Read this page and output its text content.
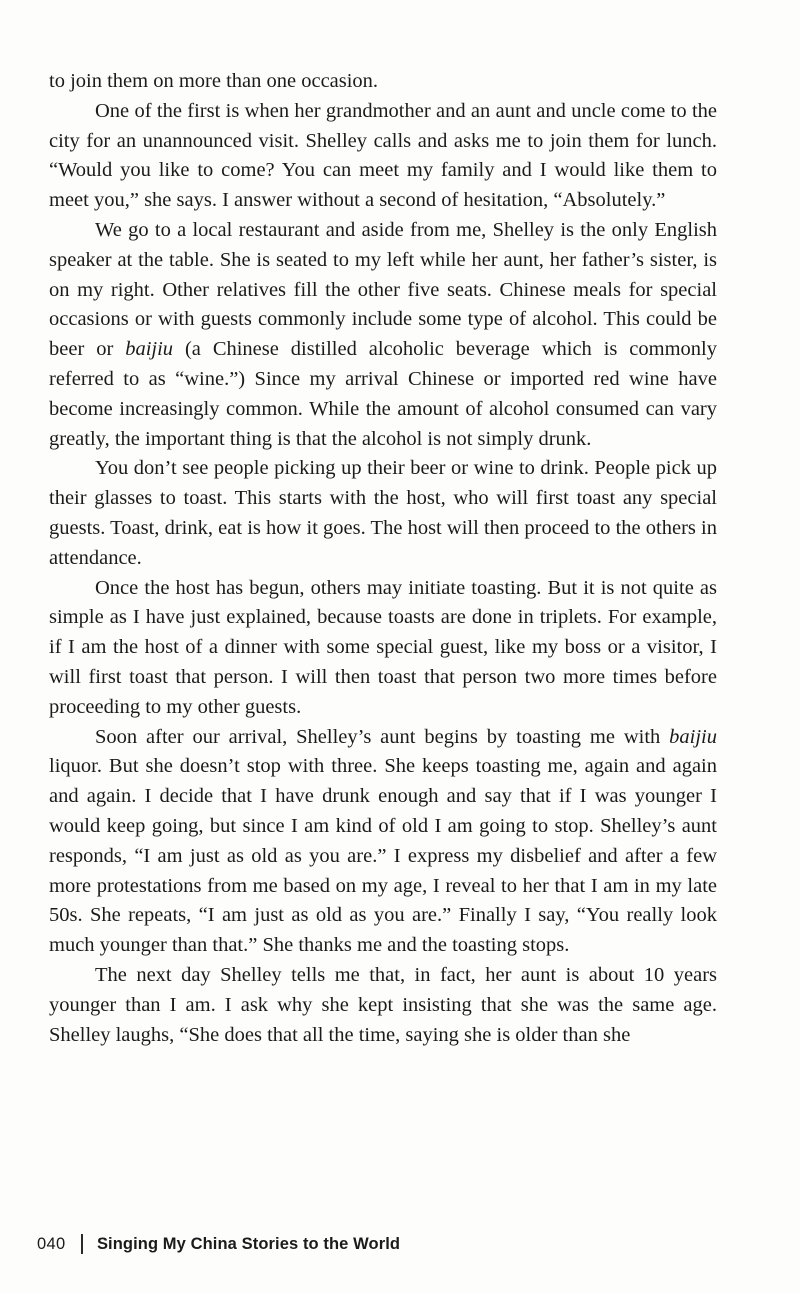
to join them on more than one occasion.

One of the first is when her grandmother and an aunt and uncle come to the city for an unannounced visit. Shelley calls and asks me to join them for lunch. “Would you like to come? You can meet my family and I would like them to meet you,” she says. I answer without a second of hesitation, “Absolutely.”

We go to a local restaurant and aside from me, Shelley is the only English speaker at the table. She is seated to my left while her aunt, her father’s sister, is on my right. Other relatives fill the other five seats. Chinese meals for special occasions or with guests commonly include some type of alcohol. This could be beer or baijiu (a Chinese distilled alcoholic beverage which is commonly referred to as “wine.”) Since my arrival Chinese or imported red wine have become increasingly common. While the amount of alcohol consumed can vary greatly, the important thing is that the alcohol is not simply drunk.

You don’t see people picking up their beer or wine to drink. People pick up their glasses to toast. This starts with the host, who will first toast any special guests. Toast, drink, eat is how it goes. The host will then proceed to the others in attendance.

Once the host has begun, others may initiate toasting. But it is not quite as simple as I have just explained, because toasts are done in triplets. For example, if I am the host of a dinner with some special guest, like my boss or a visitor, I will first toast that person. I will then toast that person two more times before proceeding to my other guests.

Soon after our arrival, Shelley’s aunt begins by toasting me with baijiu liquor. But she doesn’t stop with three. She keeps toasting me, again and again and again. I decide that I have drunk enough and say that if I was younger I would keep going, but since I am kind of old I am going to stop. Shelley’s aunt responds, “I am just as old as you are.” I express my disbelief and after a few more protestations from me based on my age, I reveal to her that I am in my late 50s. She repeats, “I am just as old as you are.” Finally I say, “You really look much younger than that.” She thanks me and the toasting stops.

The next day Shelley tells me that, in fact, her aunt is about 10 years younger than I am. I ask why she kept insisting that she was the same age. Shelley laughs, “She does that all the time, saying she is older than she

040 Singing My China Stories to the World
